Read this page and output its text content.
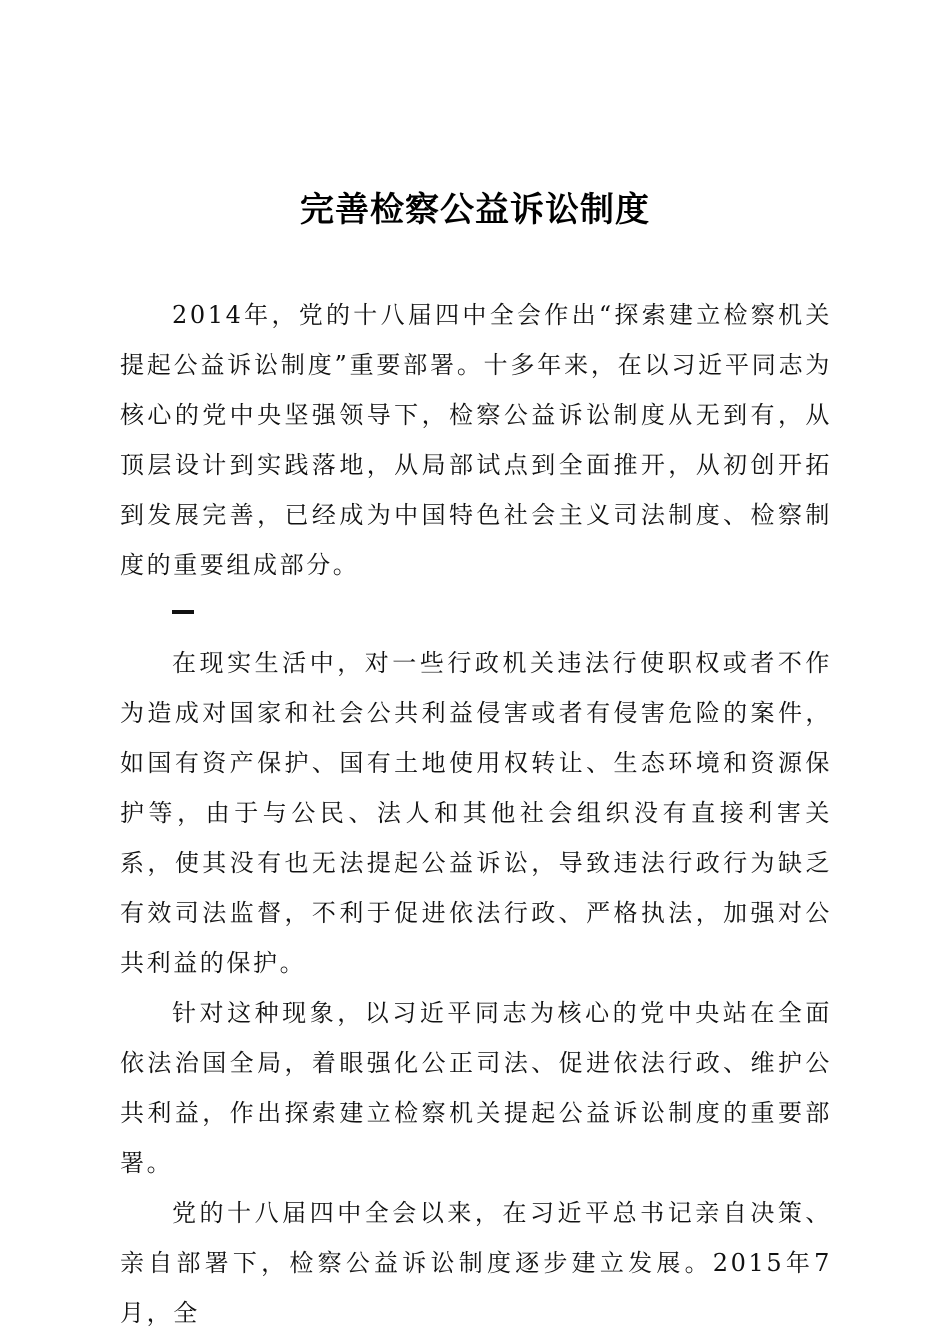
完善检察公益诉讼制度

2014年，党的十八届四中全会作出“探索建立检察机关提起公益诉讼制度”重要部署。十多年来，在以习近平同志为核心的党中央坚强领导下，检察公益诉讼制度从无到有，从顶层设计到实践落地，从局部试点到全面推开，从初创开拓到发展完善，已经成为中国特色社会主义司法制度、检察制度的重要组成部分。

在现实生活中，对一些行政机关违法行使职权或者不作为造成对国家和社会公共利益侵害或者有侵害危险的案件，如国有资产保护、国有土地使用权转让、生态环境和资源保护等，由于与公民、法人和其他社会组织没有直接利害关系，使其没有也无法提起公益诉讼，导致违法行政行为缺乏有效司法监督，不利于促进依法行政、严格执法，加强对公共利益的保护。

针对这种现象，以习近平同志为核心的党中央站在全面依法治国全局，着眼强化公正司法、促进依法行政、维护公共利益，作出探索建立检察机关提起公益诉讼制度的重要部署。

党的十八届四中全会以来，在习近平总书记亲自决策、亲自部署下，检察公益诉讼制度逐步建立发展。2015年7月，全
